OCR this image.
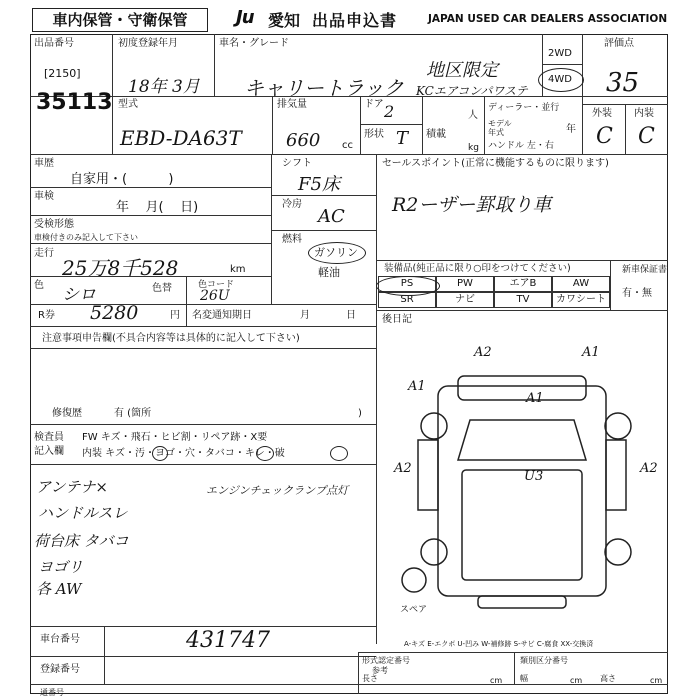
車内保管・守衛保管	Ju 愛知 出品申込書	JAPAN USED CAR DEALERS ASSOCIATION
出品番号
[2150]
35113
初度登録年月
18年 3月
車名・グレード
キャリートラック
地区限定
KCエアコンパワステ
2WD
4WD
評価点
35
外装 内装
C C
型式
EBD-DA63T
排気量
660 cc
ドア 2	人
形状 T 積載
kg
ディーラー・並行
モデル年式	年
ハンドル 左・右
車歴
自家用・(          )
車検
年    月(    日)
受検形態
車検付きのみ記入して下さい
走行
25万8千528	km
色 シロ	色替	色コード
26U
シフト
F5床
冷房
AC
燃料
ガソリン
軽油
セールスポイント(正常に機能するものに限ります)
R2ーザー罫取り車
装備品(純正品に限り○印をつけてください)
PS	PW	エアB	AW
SR	ナビ	TV	カワシート
新車保証書
有・無
R券 5280	円 名変通知期日	月	日	後日記
注意事項申告欄(不具合内容等は具体的に記入して下さい)
修復歴	有 (箇所	)
検査員
記入欄
FW キズ・飛石・ヒビ割・リペア跡・X要
内装 キズ・汚・ヨゴ・穴・タバコ・キレ・破
アンテナ×
ハンドルスレ
荷台床 タバコ
ヨゴリ
各 AW
エンジンチェックランプ点灯
A2	A1
A1
A1
A2	A2
U3
スペア
A-キズ E-エクボ U-凹み W-補修跡 S-サビ C-腐食 XX-交換済
車台番号	431747
登録番号
通番号
形式認定番号	類別区分番号
長さ	cm 幅	cm 高さ	cm
参考
